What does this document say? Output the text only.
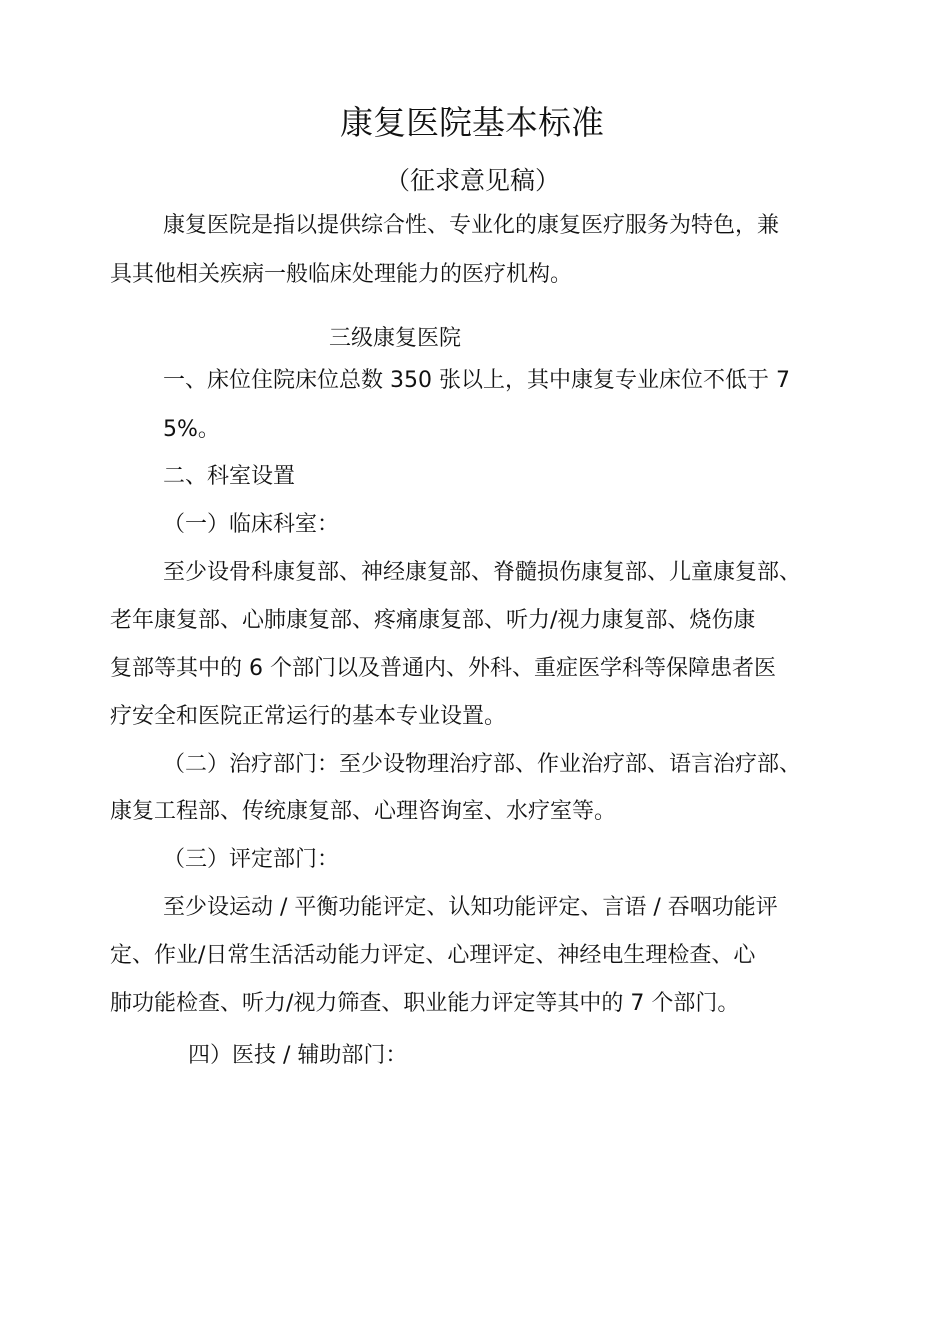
康复医院基本标准
（征求意见稿）
康复医院是指以提供综合性、专业化的康复医疗服务为特色，兼
具其他相关疾病一般临床处理能力的医疗机构。
三级康复医院
一、床位住院床位总数 350 张以上，其中康复专业床位不低于 7
5%。
二、科室设置
（一）临床科室：
至少设骨科康复部、神经康复部、脊髓损伤康复部、儿童康复部、
老年康复部、心肺康复部、疼痛康复部、听力/视力康复部、烧伤康
复部等其中的 6 个部门以及普通内、外科、重症医学科等保障患者医
疗安全和医院正常运行的基本专业设置。
（二）治疗部门：至少设物理治疗部、作业治疗部、语言治疗部、
康复工程部、传统康复部、心理咨询室、水疗室等。
（三）评定部门：
至少设运动 / 平衡功能评定、认知功能评定、言语 / 吞咽功能评
定、作业/日常生活活动能力评定、心理评定、神经电生理检查、心
肺功能检查、听力/视力筛查、职业能力评定等其中的 7 个部门。
四）医技 / 辅助部门：
